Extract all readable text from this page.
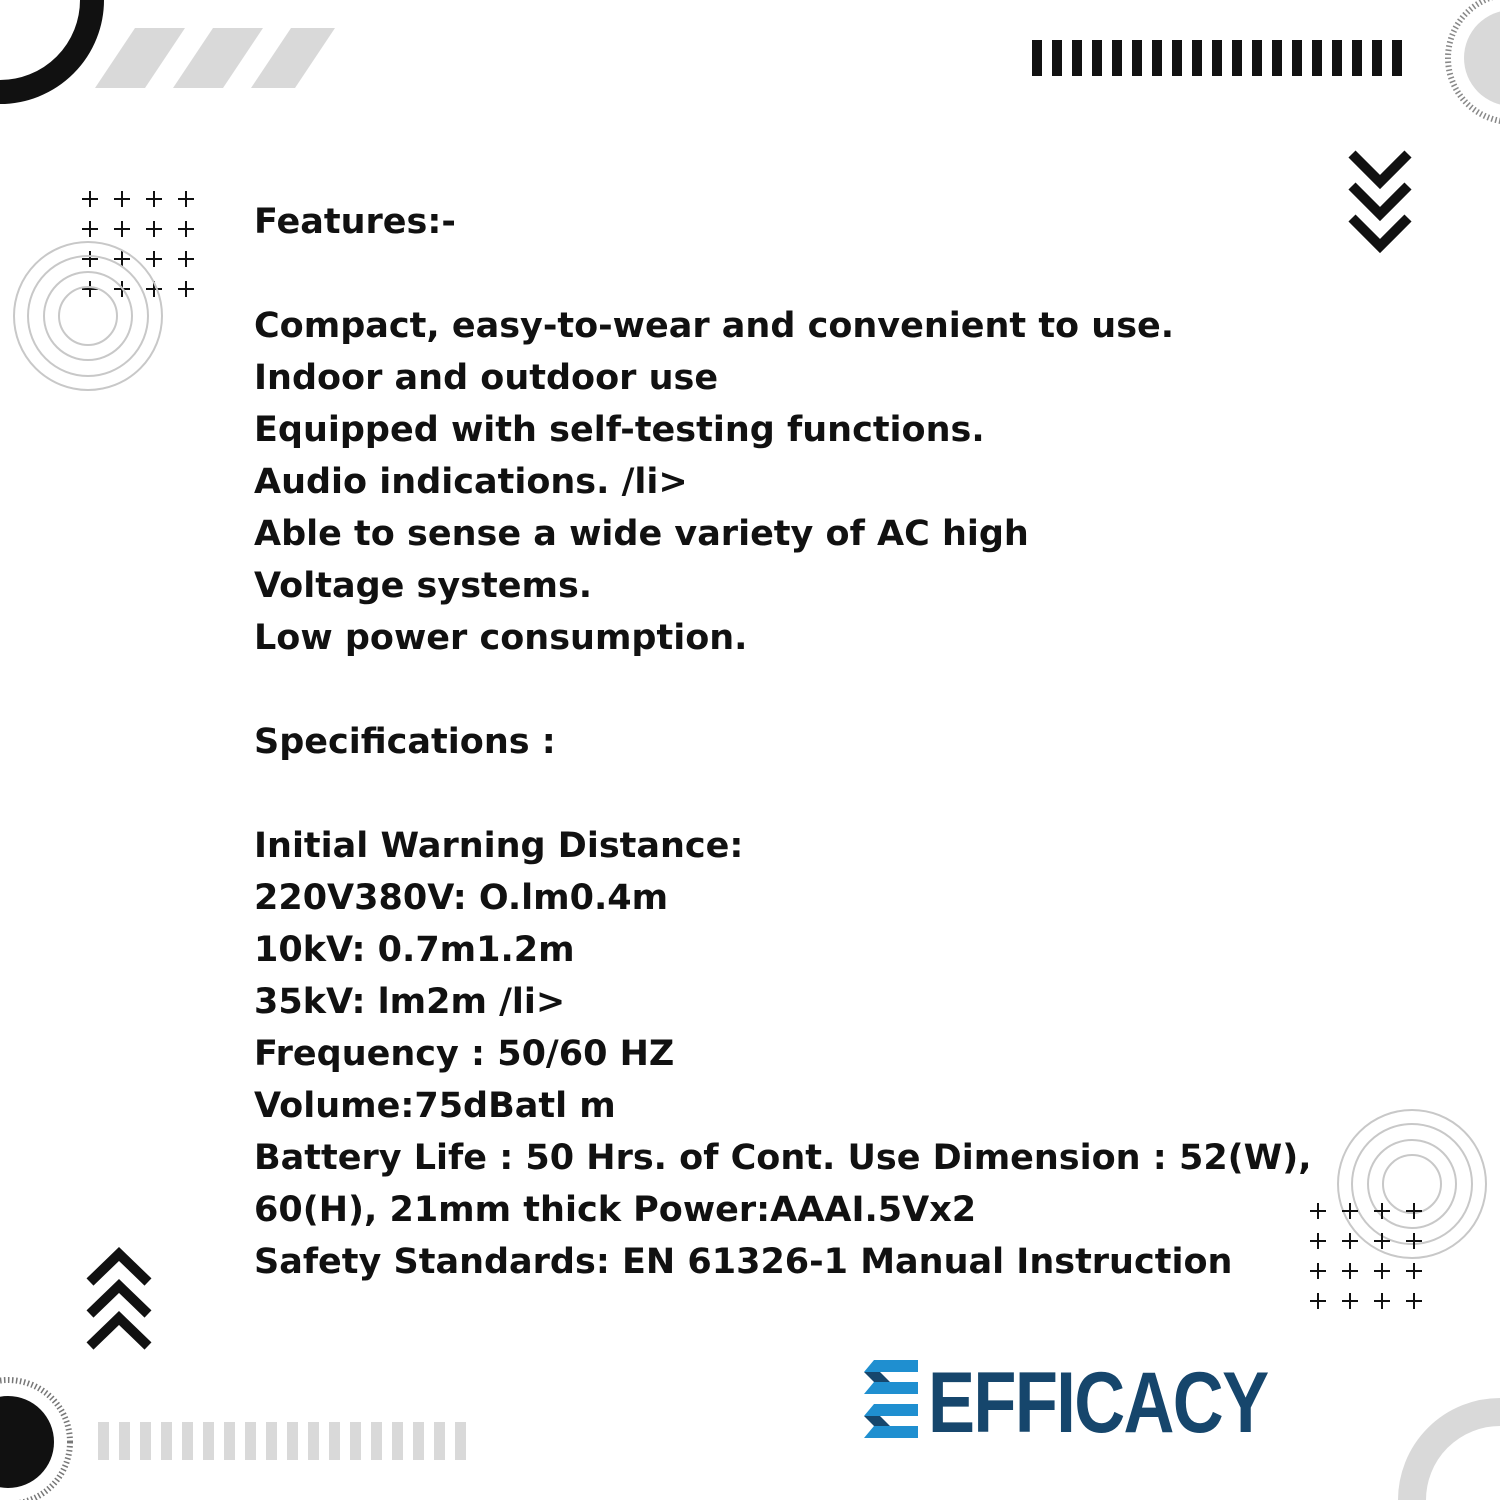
Features:-
Compact, easy-to-wear and convenient to use.
Indoor and outdoor use
Equipped with self-testing functions.
Audio indications. /li>
Able to sense a wide variety of AC high
Voltage systems.
Low power consumption.
Specifications :
Initial Warning Distance:
220V380V: O.lm0.4m
10kV: 0.7m1.2m
35kV: lm2m /li>
Frequency : 50/60 HZ
Volume:75dBatl m
Battery Life : 50 Hrs. of Cont. Use Dimension : 52(W),
60(H), 21mm thick Power:AAAI.5Vx2
Safety Standards: EN 61326-1 Manual Instruction
EFFICACY
